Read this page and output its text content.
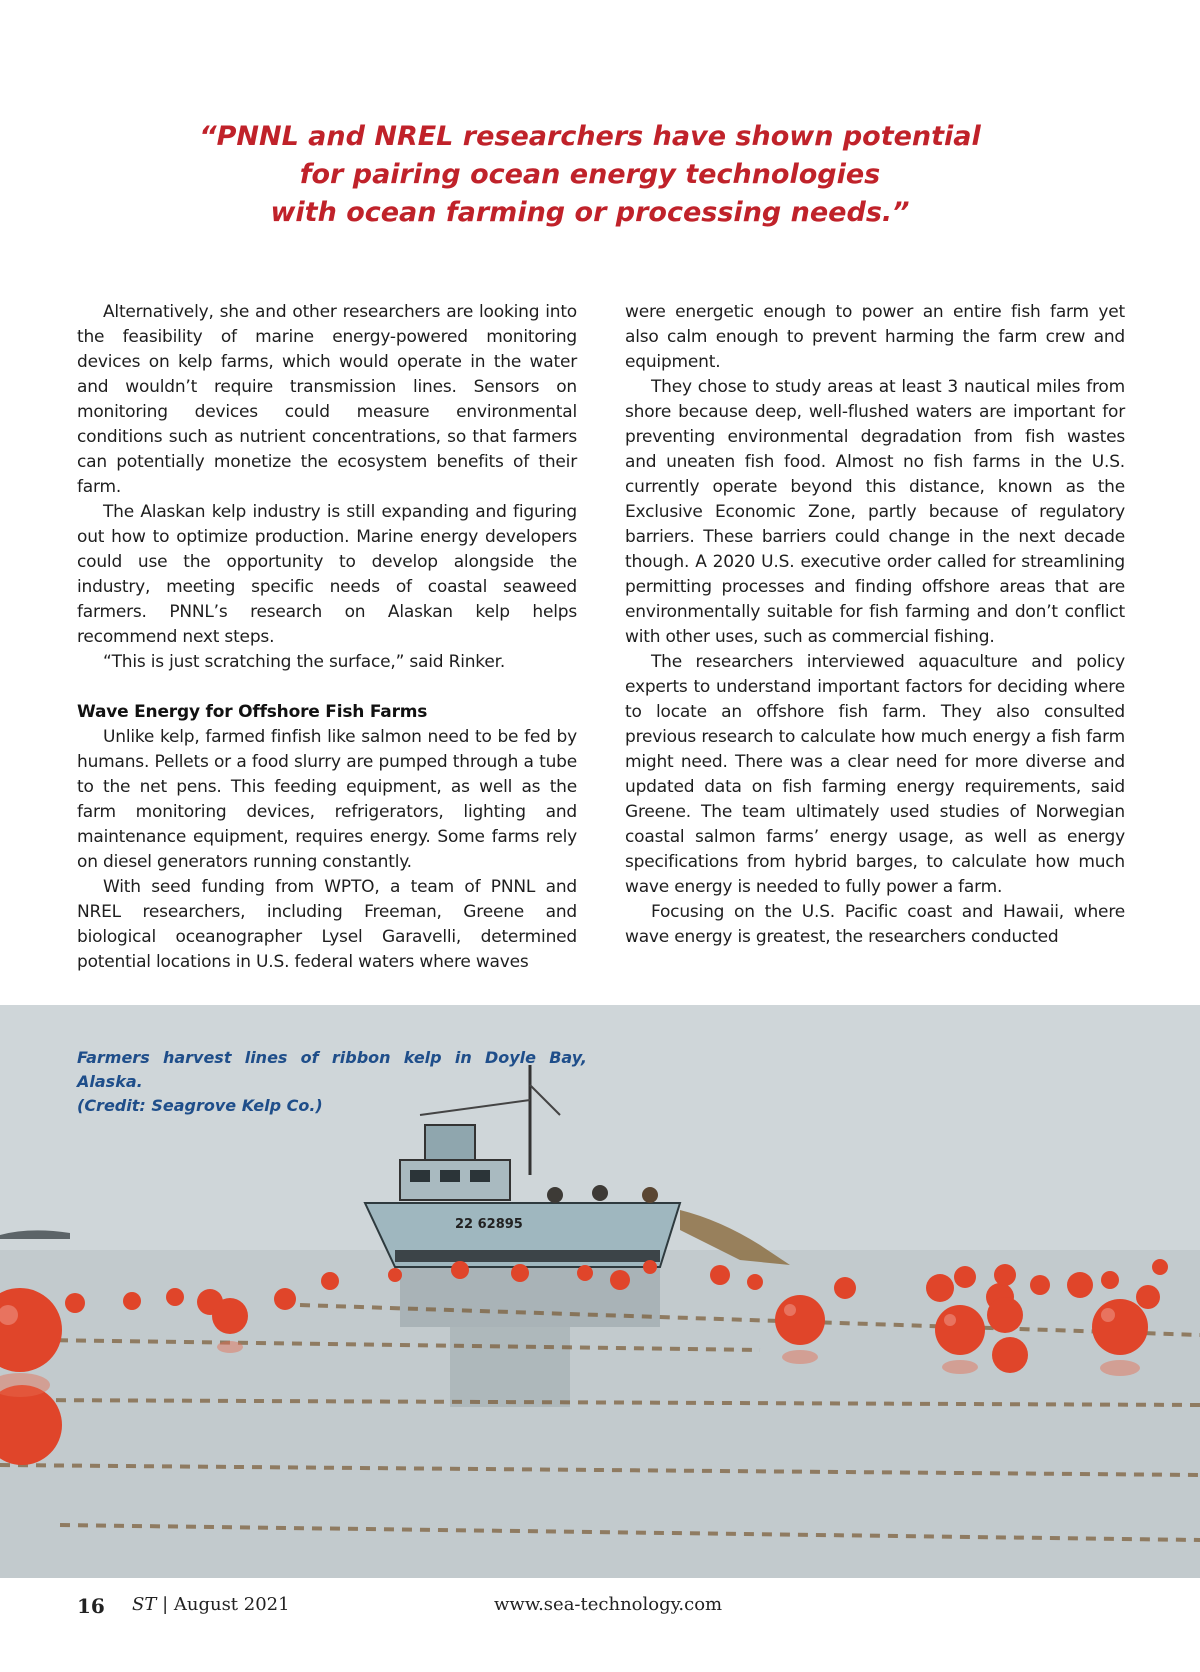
“PNNL and NREL researchers have shown potential
for pairing ocean energy technologies
with ocean farming or processing needs.”

Alternatively, she and other researchers are looking into the feasibility of marine energy-powered monitoring devices on kelp farms, which would operate in the water and wouldn’t require transmission lines. Sensors on monitoring devices could measure environmental conditions such as nutrient concentrations, so that farmers can potentially monetize the ecosystem benefits of their farm.

The Alaskan kelp industry is still expanding and figuring out how to optimize production. Marine energy developers could use the opportunity to develop alongside the industry, meeting specific needs of coastal seaweed farmers. PNNL’s research on Alaskan kelp helps recommend next steps.

“This is just scratching the surface,” said Rinker.

Wave Energy for Offshore Fish Farms

Unlike kelp, farmed finfish like salmon need to be fed by humans. Pellets or a food slurry are pumped through a tube to the net pens. This feeding equipment, as well as the farm monitoring devices, refrigerators, lighting and maintenance equipment, requires energy. Some farms rely on diesel generators running constantly.

With seed funding from WPTO, a team of PNNL and NREL researchers, including Freeman, Greene and biological oceanographer Lysel Garavelli, determined potential locations in U.S. federal waters where waves

were energetic enough to power an entire fish farm yet also calm enough to prevent harming the farm crew and equipment.

They chose to study areas at least 3 nautical miles from shore because deep, well-flushed waters are important for preventing environmental degradation from fish wastes and uneaten fish food. Almost no fish farms in the U.S. currently operate beyond this distance, known as the Exclusive Economic Zone, partly because of regulatory barriers. These barriers could change in the next decade though. A 2020 U.S. executive order called for streamlining permitting processes and finding offshore areas that are environmentally suitable for fish farming and don’t conflict with other uses, such as commercial fishing.

The researchers interviewed aquaculture and policy experts to understand important factors for deciding where to locate an offshore fish farm. They also consulted previous research to calculate how much energy a fish farm might need. There was a clear need for more diverse and updated data on fish farming energy requirements, said Greene. The team ultimately used studies of Norwegian coastal salmon farms’ energy usage, as well as energy specifications from hybrid barges, to calculate how much wave energy is needed to fully power a farm.

Focusing on the U.S. Pacific coast and Hawaii, where wave energy is greatest, the researchers conducted

22 62895
Farmers harvest lines of ribbon kelp in Doyle Bay, Alaska.
(Credit: Seagrove Kelp Co.)
16 ST | August 2021	www.sea-technology.com
